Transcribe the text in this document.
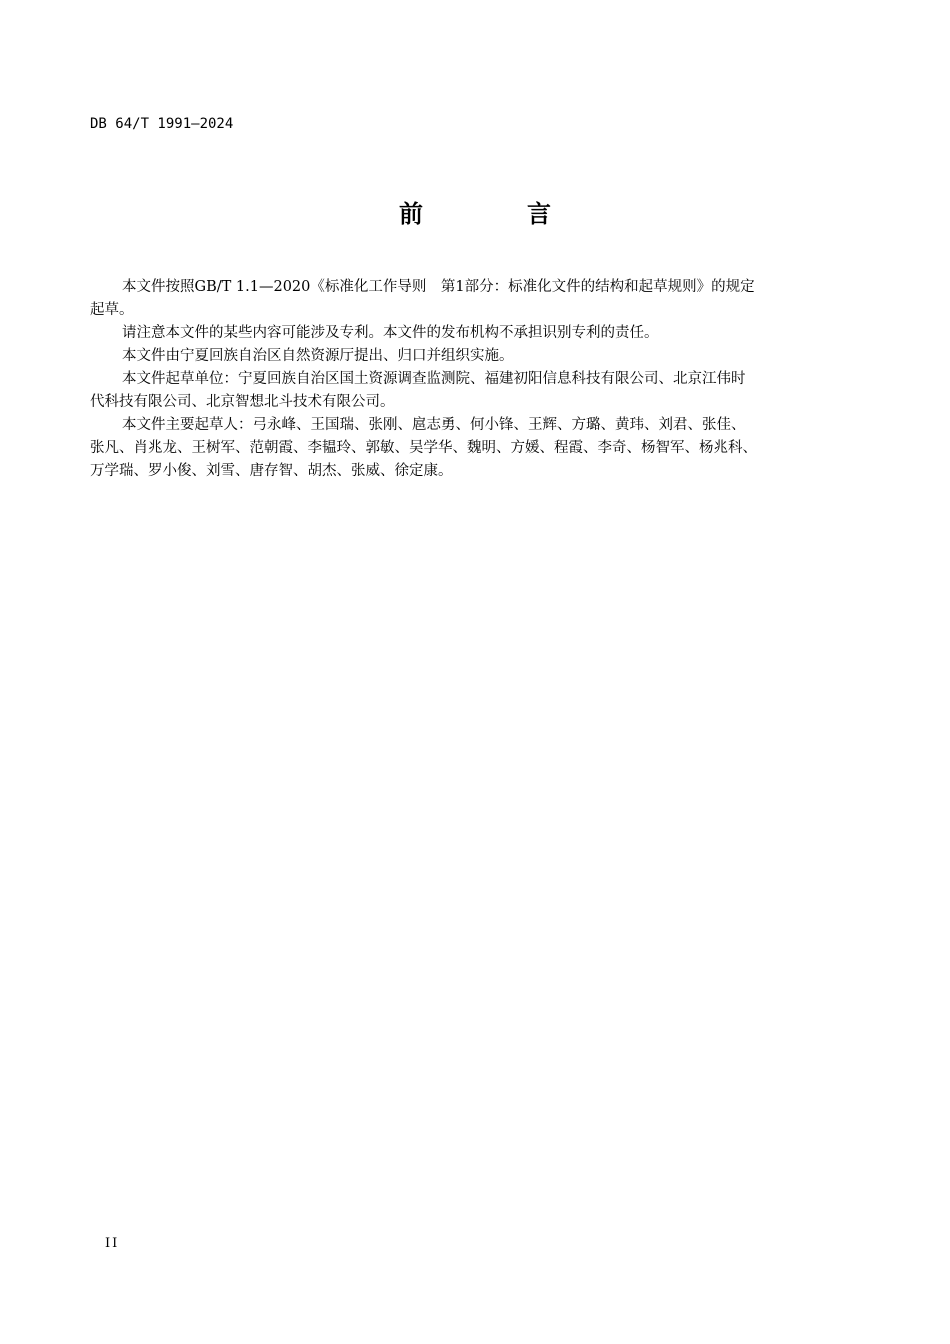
DB 64/T 1991—2024
前　言

本文件按照GB/T 1.1—2020《标准化工作导则　第1部分：标准化文件的结构和起草规则》的规定
起草。

请注意本文件的某些内容可能涉及专利。本文件的发布机构不承担识别专利的责任。

本文件由宁夏回族自治区自然资源厅提出、归口并组织实施。

本文件起草单位：宁夏回族自治区国土资源调查监测院、福建初阳信息科技有限公司、北京江伟时
代科技有限公司、北京智想北斗技术有限公司。

本文件主要起草人：弓永峰、王国瑞、张刚、扈志勇、何小锋、王辉、方璐、黄玮、刘君、张佳、
张凡、肖兆龙、王树军、范朝霞、李韫玲、郭敏、吴学华、魏明、方媛、程霞、李奇、杨智军、杨兆科、
万学瑞、罗小俊、刘雪、唐存智、胡杰、张威、徐定康。

II
